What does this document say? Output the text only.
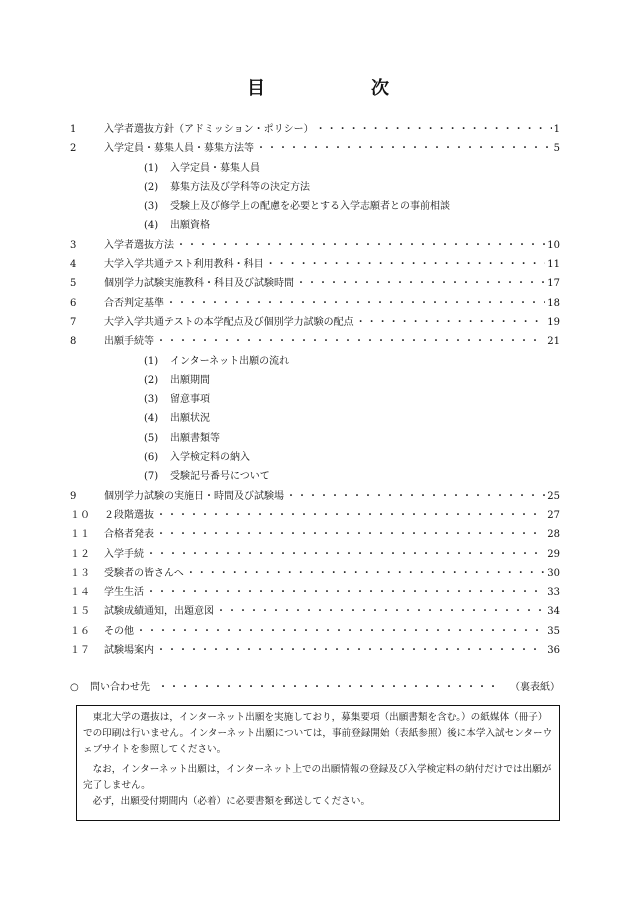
目　次
1	入学者選抜方針（アドミッション・ポリシー） ・・・・・・・・・・・・・・・・・・・・・・・・・・・・・・・・・・・・・・・・・・・・・・・・・・・・・・・・・・・・・	1
2	入学定員・募集人員・募集方法等 ・・・・・・・・・・・・・・・・・・・・・・・・・・・・・・・・・・・・・・・・・・・・・・・・・・・・・・・・・・・・・	5
(1)	入学定員・募集人員
(2)	募集方法及び学科等の決定方法
(3)	受験上及び修学上の配慮を必要とする入学志願者との事前相談
(4)	出願資格
3	入学者選抜方法 ・・・・・・・・・・・・・・・・・・・・・・・・・・・・・・・・・・・・・・・・・・・・・・・・・・・・・・・・・・・・・	10
4	大学入学共通テスト利用教科・科目 ・・・・・・・・・・・・・・・・・・・・・・・・・・・・・・・・・・・・・・・・・・・・・・・・・・・・・・・・・・・・・	11
5	個別学力試験実施教科・科目及び試験時間 ・・・・・・・・・・・・・・・・・・・・・・・・・・・・・・・・・・・・・・・・・・・・・・・・・・・・・・・・・・・・・	17
6	合否判定基準 ・・・・・・・・・・・・・・・・・・・・・・・・・・・・・・・・・・・・・・・・・・・・・・・・・・・・・・・・・・・・・	18
7	大学入学共通テストの本学配点及び個別学力試験の配点 ・・・・・・・・・・・・・・・・・・・・・・・・・・・・・・・・・・・・・・・・・・・・・・・・・・・・・・・・・・・・・	19
8	出願手続等 ・・・・・・・・・・・・・・・・・・・・・・・・・・・・・・・・・・・・・・・・・・・・・・・・・・・・・・・・・・・・・	21
(1)	インターネット出願の流れ
(2)	出願期間
(3)	留意事項
(4)	出願状況
(5)	出願書類等
(6)	入学検定料の納入
(7)	受験記号番号について
9	個別学力試験の実施日・時間及び試験場 ・・・・・・・・・・・・・・・・・・・・・・・・・・・・・・・・・・・・・・・・・・・・・・・・・・・・・・・・・・・・・	25
１０	２段階選抜 ・・・・・・・・・・・・・・・・・・・・・・・・・・・・・・・・・・・・・・・・・・・・・・・・・・・・・・・・・・・・・	27
１１	合格者発表 ・・・・・・・・・・・・・・・・・・・・・・・・・・・・・・・・・・・・・・・・・・・・・・・・・・・・・・・・・・・・・	28
１２	入学手続 ・・・・・・・・・・・・・・・・・・・・・・・・・・・・・・・・・・・・・・・・・・・・・・・・・・・・・・・・・・・・・	29
１３	受験者の皆さんへ ・・・・・・・・・・・・・・・・・・・・・・・・・・・・・・・・・・・・・・・・・・・・・・・・・・・・・・・・・・・・・	30
１４	学生生活 ・・・・・・・・・・・・・・・・・・・・・・・・・・・・・・・・・・・・・・・・・・・・・・・・・・・・・・・・・・・・・	33
１５	試験成績通知，出題意図 ・・・・・・・・・・・・・・・・・・・・・・・・・・・・・・・・・・・・・・・・・・・・・・・・・・・・・・・・・・・・・	34
１６	その他 ・・・・・・・・・・・・・・・・・・・・・・・・・・・・・・・・・・・・・・・・・・・・・・・・・・・・・・・・・・・・・	35
１７	試験場案内 ・・・・・・・・・・・・・・・・・・・・・・・・・・・・・・・・・・・・・・・・・・・・・・・・・・・・・・・・・・・・・	36
○	問い合わせ先 ・・・・・・・・・・・・・・・・・・・・・・・・・・・・・・・・・・・・・・・・・・・	（裏表紙）

東北大学の選抜は，インターネット出願を実施しており，募集要項（出願書類を含む。）の紙媒体（冊子）での印刷は行いません。インターネット出願については，事前登録開始（表紙参照）後に本学入試センターウェブサイトを参照してください。

なお，インターネット出願は，インターネット上での出願情報の登録及び入学検定料の納付だけでは出願が完了しません。

必ず，出願受付期間内（必着）に必要書類を郵送してください。
